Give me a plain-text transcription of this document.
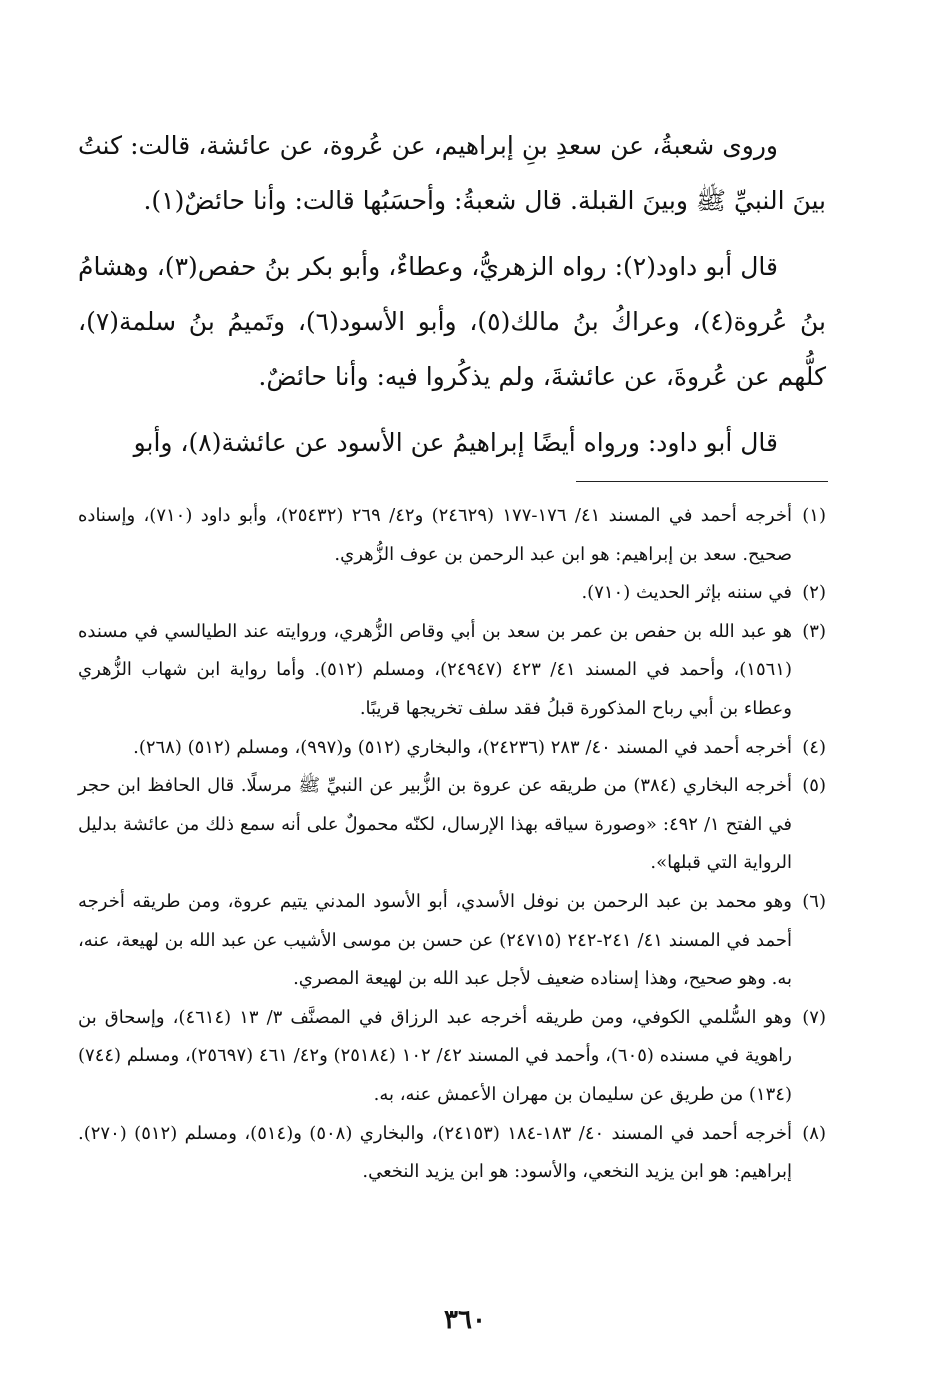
وروى شعبةُ، عن سعدِ بنِ إبراهيم، عن عُروة، عن عائشة، قالت: كنتُ بينَ النبيِّ ﷺ وبينَ القبلة. قال شعبةُ: وأحسَبُها قالت: وأنا حائضٌ(١).

قال أبو داود(٢): رواه الزهريُّ، وعطاءٌ، وأبو بكر بنُ حفص(٣)، وهشامُ بنُ عُروة(٤)، وعراكُ بنُ مالك(٥)، وأبو الأسود(٦)، وتَميمُ بنُ سلمة(٧)، كلُّهم عن عُروةَ، عن عائشةَ، ولم يذكُروا فيه: وأنا حائضٌ.

قال أبو داود: ورواه أيضًا إبراهيمُ عن الأسود عن عائشة(٨)، وأبو

(١)
أخرجه أحمد في المسند ٤١/ ١٧٦-١٧٧ (٢٤٦٢٩) و٤٢/ ٢٦٩ (٢٥٤٣٢)، وأبو داود (٧١٠)، وإسناده صحيح. سعد بن إبراهيم: هو ابن عبد الرحمن بن عوف الزُّهري.
(٢)
في سننه بإثر الحديث (٧١٠).
(٣)
هو عبد الله بن حفص بن عمر بن سعد بن أبي وقاص الزُّهري، وروايته عند الطيالسي في مسنده (١٥٦١)، وأحمد في المسند ٤١/ ٤٢٣ (٢٤٩٤٧)، ومسلم (٥١٢). وأما رواية ابن شهاب الزُّهري وعطاء بن أبي رباح المذكورة قبلُ فقد سلف تخريجها قريبًا.
(٤)
أخرجه أحمد في المسند ٤٠/ ٢٨٣ (٢٤٢٣٦)، والبخاري (٥١٢) و(٩٩٧)، ومسلم (٥١٢) (٢٦٨).
(٥)
أخرجه البخاري (٣٨٤) من طريقه عن عروة بن الزُّبير عن النبيِّ ﷺ مرسلًا. قال الحافظ ابن حجر في الفتح ١/ ٤٩٢: «وصورة سياقه بهذا الإرسال، لكنّه محمولٌ على أنه سمع ذلك من عائشة بدليل الرواية التي قبلها».
(٦)
وهو محمد بن عبد الرحمن بن نوفل الأسدي، أبو الأسود المدني يتيم عروة، ومن طريقه أخرجه أحمد في المسند ٤١/ ٢٤١-٢٤٢ (٢٤٧١٥) عن حسن بن موسى الأشيب عن عبد الله بن لهيعة، عنه، به. وهو صحيح، وهذا إسناده ضعيف لأجل عبد الله بن لهيعة المصري.
(٧)
وهو السُّلمي الكوفي، ومن طريقه أخرجه عبد الرزاق في المصنَّف ٣/ ١٣ (٤٦١٤)، وإسحاق بن راهوية في مسنده (٦٠٥)، وأحمد في المسند ٤٢/ ١٠٢ (٢٥١٨٤) و٤٢/ ٤٦١ (٢٥٦٩٧)، ومسلم (٧٤٤) (١٣٤) من طريق عن سليمان بن مهران الأعمش عنه، به.
(٨)
أخرجه أحمد في المسند ٤٠/ ١٨٣-١٨٤ (٢٤١٥٣)، والبخاري (٥٠٨) و(٥١٤)، ومسلم (٥١٢) (٢٧٠). إبراهيم: هو ابن يزيد النخعي، والأسود: هو ابن يزيد النخعي.
٣٦٠
